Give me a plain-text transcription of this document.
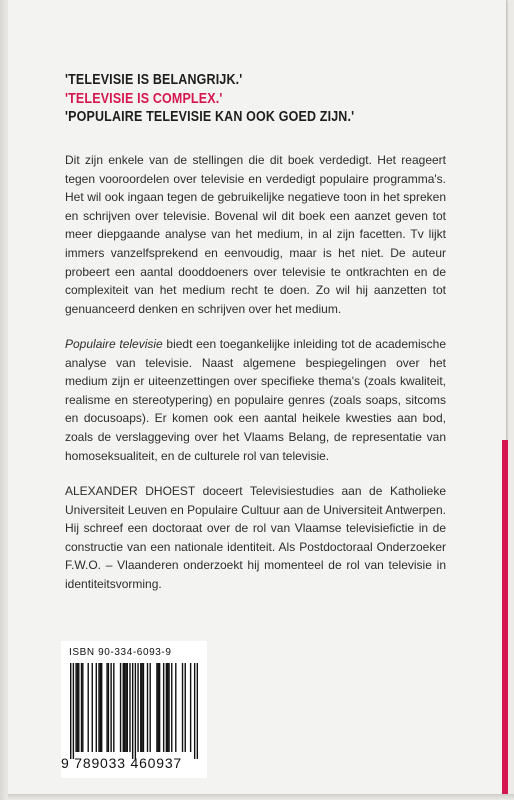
'TELEVISIE IS BELANGRIJK.'
'TELEVISIE IS COMPLEX.'
'POPULAIRE TELEVISIE KAN OOK GOED ZIJN.'

Dit zijn enkele van de stellingen die dit boek verdedigt. Het reageert tegen vooroordelen over televisie en verdedigt populaire programma's. Het wil ook ingaan tegen de gebruikelijke negatieve toon in het spreken en schrijven over televisie. Bovenal wil dit boek een aanzet geven tot meer diepgaande analyse van het medium, in al zijn facetten. Tv lijkt immers vanzelfsprekend en eenvoudig, maar is het niet. De auteur probeert een aantal dooddoeners over televisie te ontkrachten en de complexiteit van het medium recht te doen. Zo wil hij aanzetten tot genuanceerd denken en schrijven over het medium.

Populaire televisie biedt een toegankelijke inleiding tot de academische analyse van televisie. Naast algemene bespiegelingen over het medium zijn er uiteenzettingen over specifieke thema's (zoals kwaliteit, realisme en stereotypering) en populaire genres (zoals soaps, sitcoms en docusoaps). Er komen ook een aantal heikele kwesties aan bod, zoals de verslaggeving over het Vlaams Belang, de representatie van homoseksualiteit, en de culturele rol van televisie.

ALEXANDER DHOEST doceert Televisiestudies aan de Katholieke Universiteit Leuven en Populaire Cultuur aan de Universiteit Antwerpen. Hij schreef een doctoraat over de rol van Vlaamse televisiefictie in de constructie van een nationale identiteit. Als Postdoctoraal Onderzoeker F.W.O. – Vlaanderen onderzoekt hij momenteel de rol van televisie in identiteitsvorming.

ISBN 90-334-6093-9
9 789033 460937
